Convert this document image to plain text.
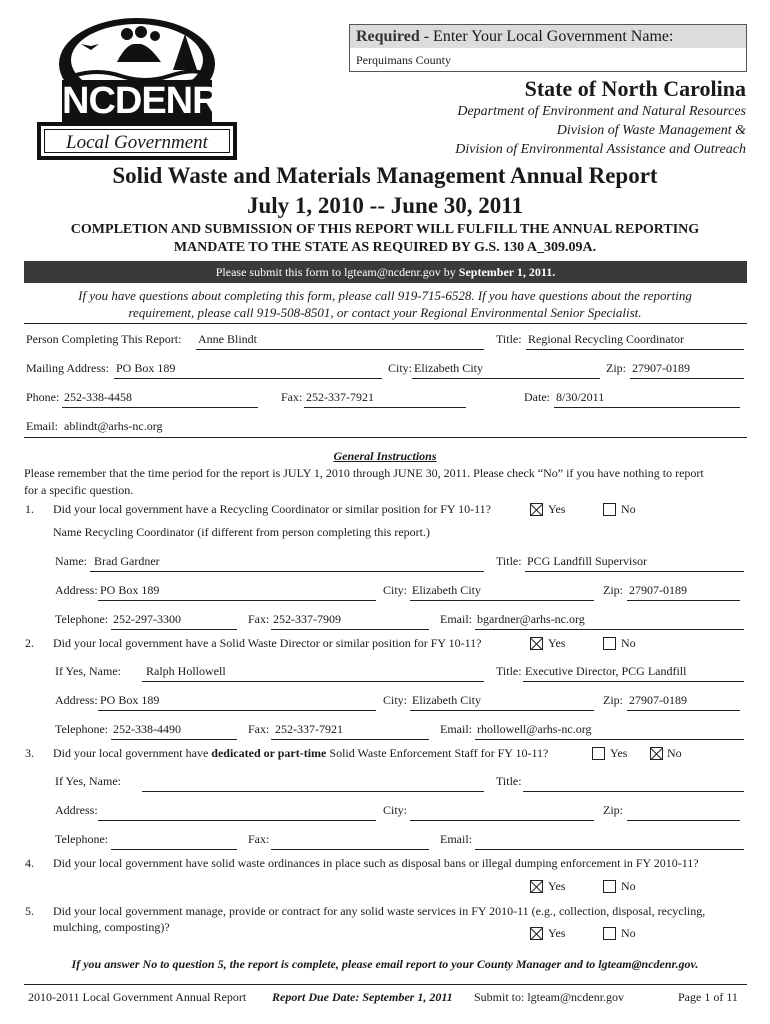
NCDENR
Local Government
Required - Enter Your Local Government Name:
Perquimans County
State of North Carolina
Department of Environment and Natural Resources
Division of Waste Management &
Division of Environmental Assistance and Outreach
Solid Waste and Materials Management Annual Report
July 1, 2010 -- June 30, 2011
COMPLETION AND SUBMISSION OF THIS REPORT WILL FULFILL THE ANNUAL REPORTING
MANDATE TO THE STATE AS REQUIRED BY G.S. 130 A_309.09A.
Please submit this form to lgteam@ncdenr.gov by September 1, 2011.
If you have questions about completing this form, please call 919-715-6528. If you have questions about the reporting
requirement, please call 919-508-8501, or contact your Regional Environmental Senior Specialist.
Person Completing This Report: Anne Blindt	Title: Regional Recycling Coordinator
Mailing Address: PO Box 189	City: Elizabeth City	Zip: 27907-0189
Phone: 252-338-4458	Fax: 252-337-7921	Date: 8/30/2011
Email: ablindt@arhs-nc.org
General Instructions
Please remember that the time period for the report is JULY 1, 2010 through JUNE 30, 2011. Please check “No” if you have nothing to report
for a specific question.
1. Did your local government have a Recycling Coordinator or similar position for FY 10-11?	Yes	No
Name Recycling Coordinator (if different from person completing this report.)
Name: Brad Gardner	Title: PCG Landfill Supervisor
Address: PO Box 189	City: Elizabeth City	Zip: 27907-0189
Telephone: 252-297-3300	Fax: 252-337-7909	Email: bgardner@arhs-nc.org
2. Did your local government have a Solid Waste Director or similar position for FY 10-11?	Yes	No
If Yes, Name: Ralph Hollowell	Title: Executive Director, PCG Landfill
Address: PO Box 189	City: Elizabeth City	Zip: 27907-0189
Telephone: 252-338-4490	Fax: 252-337-7921	Email: rhollowell@arhs-nc.org
3. Did your local government have dedicated or part-time Solid Waste Enforcement Staff for FY 10-11?	Yes	No
If Yes, Name:	Title:
Address:	City:	Zip:
Telephone:	Fax:	Email:
4. Did your local government have solid waste ordinances in place such as disposal bans or illegal dumping enforcement in FY 2010-11?
Yes	No
5. Did your local government manage, provide or contract for any solid waste services in FY 2010-11 (e.g., collection, disposal, recycling,
mulching, composting)?	Yes	No
If you answer No to question 5, the report is complete, please email report to your County Manager and to lgteam@ncdenr.gov.
2010-2011 Local Government Annual Report Report Due Date: September 1, 2011 Submit to: lgteam@ncdenr.gov	Page 1 of 11
